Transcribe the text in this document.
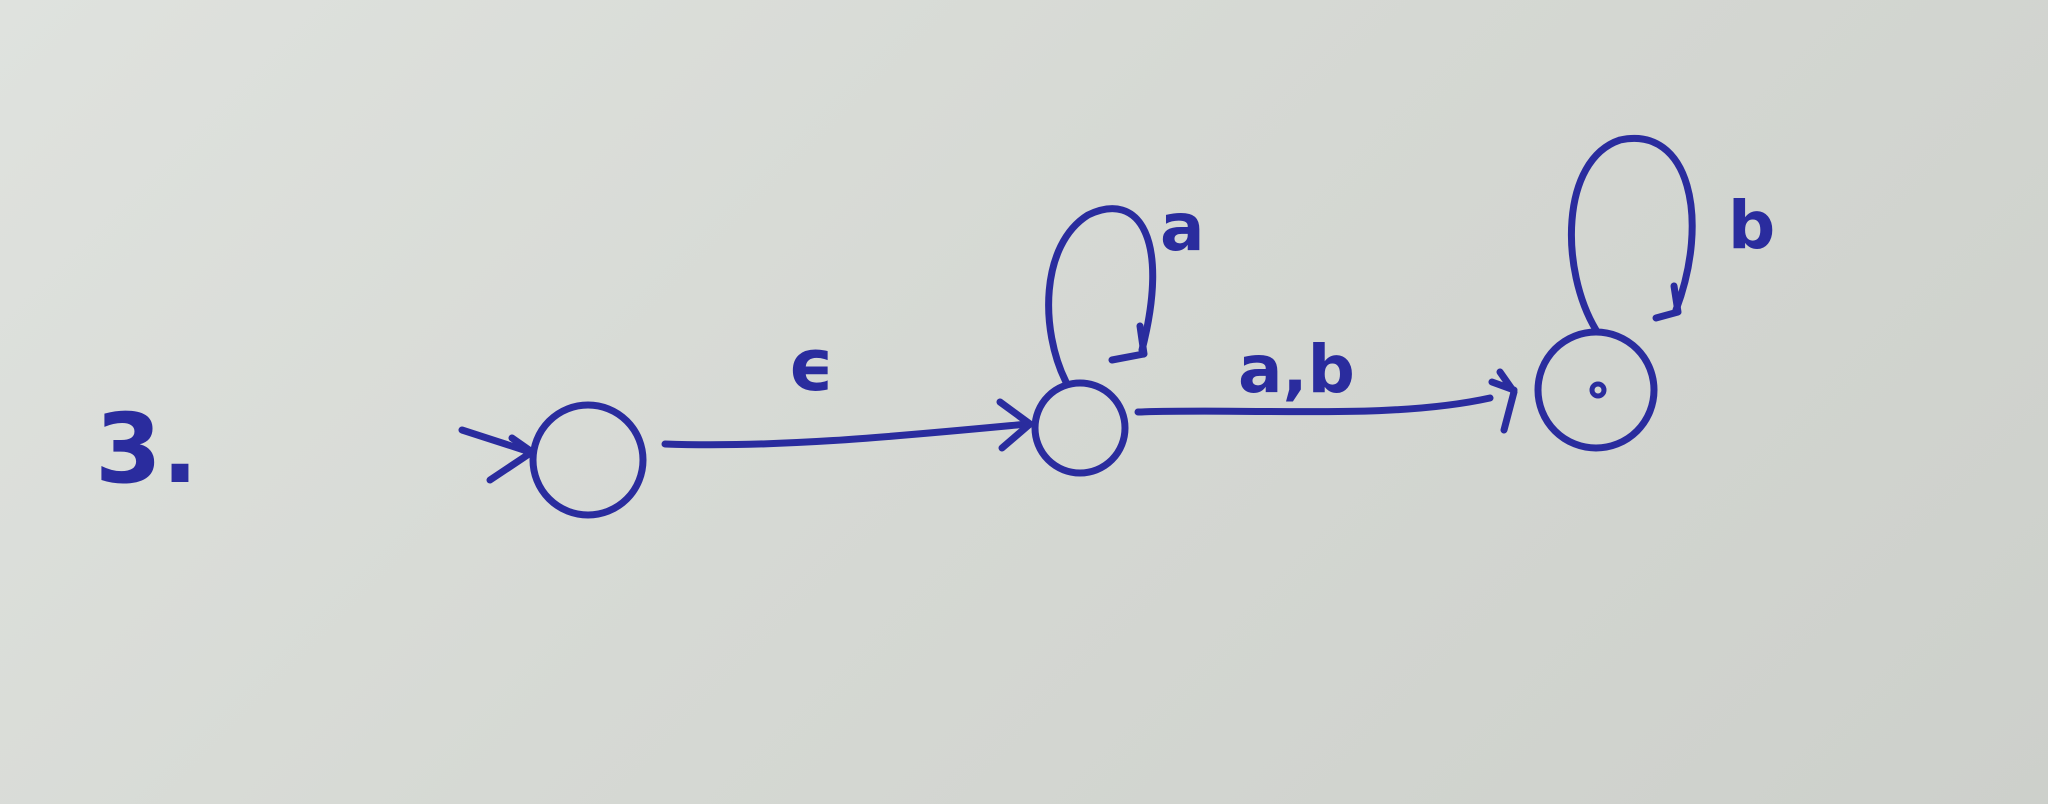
3.
ϵ
a
a,b
b
